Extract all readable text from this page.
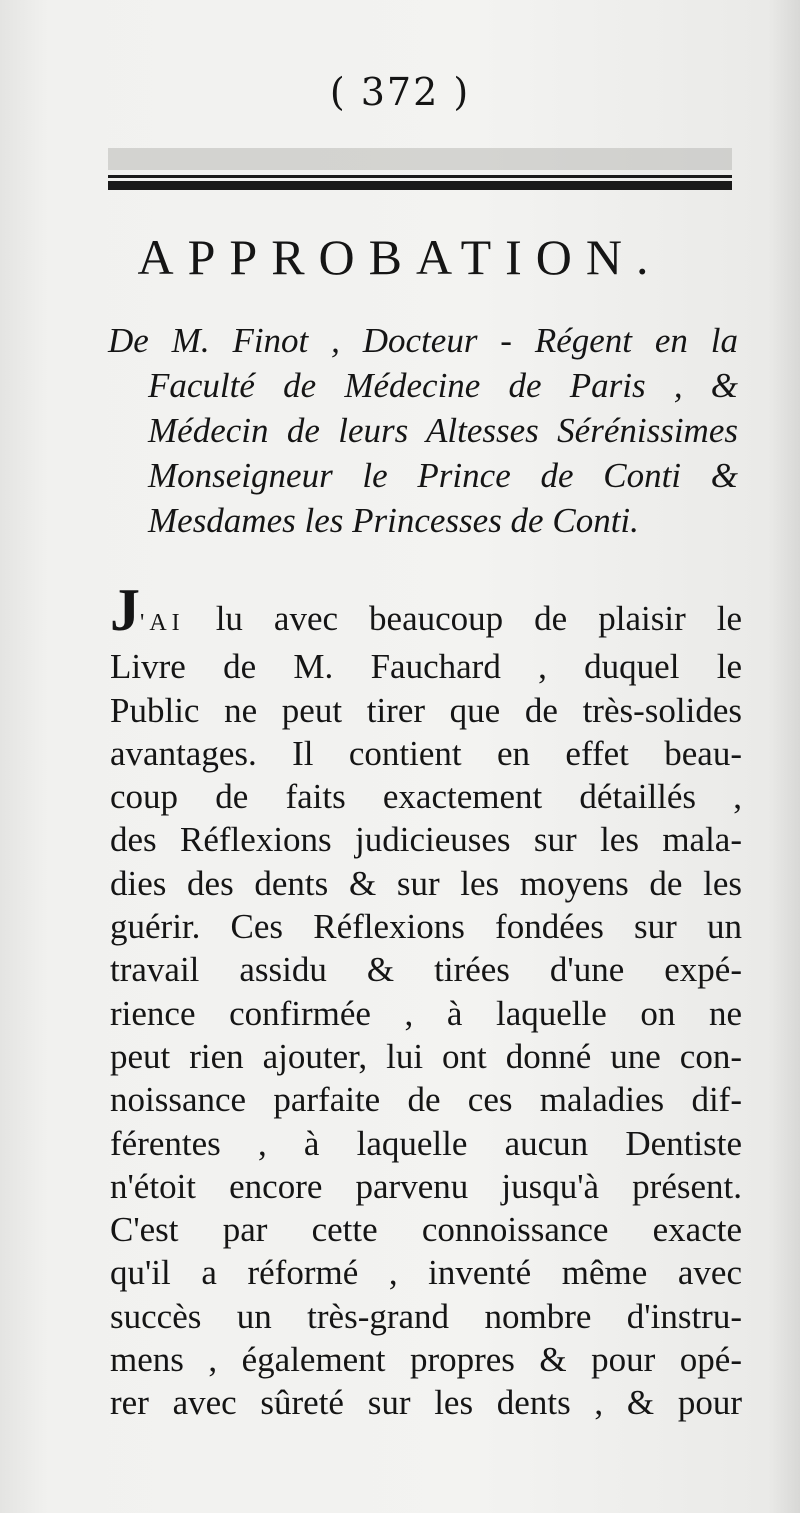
( 372 )
APPROBATION.
De M. Finot , Docteur - Régent en la
Faculté de Médecine de Paris , &
Médecin de leurs Altesses Sérénissimes
Monseigneur le Prince de Conti &
Mesdames les Princesses de Conti.
J'AI lu avec beaucoup de plaisir le
Livre de M. Fauchard , duquel le
Public ne peut tirer que de très-solides
avantages. Il contient en effet beau-
coup de faits exactement détaillés ,
des Réflexions judicieuses sur les mala-
dies des dents & sur les moyens de les
guérir. Ces Réflexions fondées sur un
travail assidu & tirées d'une expé-
rience confirmée , à laquelle on ne
peut rien ajouter, lui ont donné une con-
noissance parfaite de ces maladies dif-
férentes , à laquelle aucun Dentiste
n'étoit encore parvenu jusqu'à présent.
C'est par cette connoissance exacte
qu'il a réformé , inventé même avec
succès un très-grand nombre d'instru-
mens , également propres & pour opé-
rer avec sûreté sur les dents , & pour
